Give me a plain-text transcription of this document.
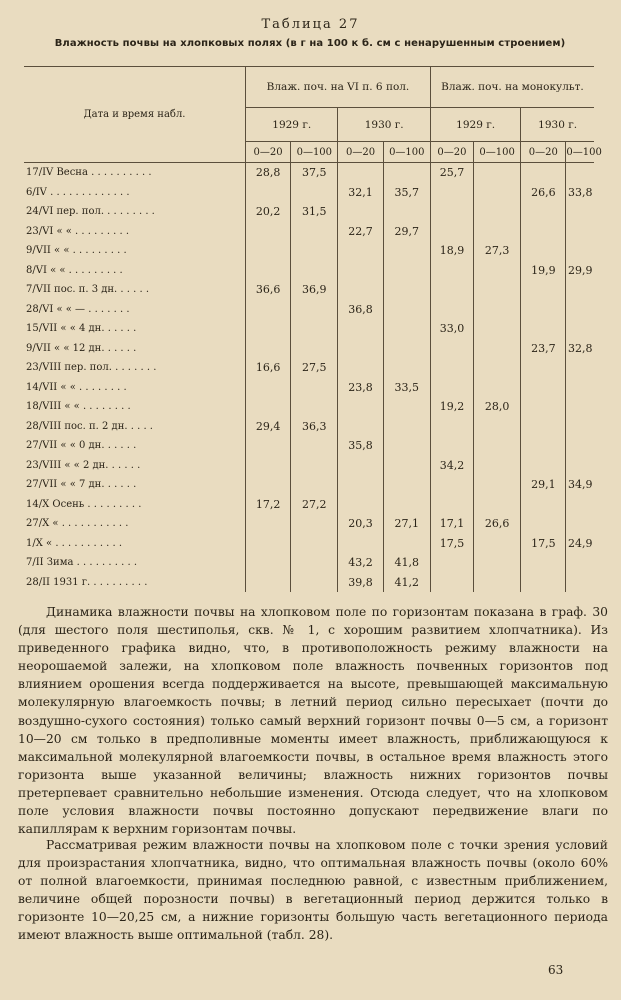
Таблица 27
Влажность почвы на хлопковых полях (в г на 100 к б. см с ненарушенным строением)
Дата и время набл.	Влаж. поч. на VI п. 6 пол.				Влаж. поч. на монокульт.			
	1929 г.		1930 г.		1929 г.		1930 г.	
	0—20	0—100	0—20	0—100	0—20	0—100	0—20	0—100
17/IV Весна . . . . . . . . . .	28,8	37,5			25,7			
6/IV . . . . . . . . . . . . .			32,1	35,7			26,6	33,8
24/VI пер. пол. . . . . . . . .	20,2	31,5						
23/VI « « . . . . . . . . .			22,7	29,7				
9/VII « « . . . . . . . . .					18,9	27,3		
8/VI « « . . . . . . . . .							19,9	29,9
7/VII пос. п. 3 дн. . . . . .	36,6	36,9						
28/VI « « — . . . . . . .			36,8					
15/VII « « 4 дн. . . . . .					33,0			
9/VII « « 12 дн. . . . . .							23,7	32,8
23/VIII пер. пол. . . . . . . .	16,6	27,5						
14/VII « « . . . . . . . .			23,8	33,5				
18/VIII « « . . . . . . . .					19,2	28,0		
28/VIII пос. п. 2 дн. . . . .	29,4	36,3						
27/VII « « 0 дн. . . . . .			35,8					
23/VIII « « 2 дн. . . . . .					34,2			
27/VII « « 7 дн. . . . . .							29,1	34,9
14/X Осень . . . . . . . . .	17,2	27,2						
27/X « . . . . . . . . . . .			20,3	27,1	17,1	26,6		
1/X « . . . . . . . . . . .					17,5		17,5	24,9
7/II Зима . . . . . . . . . .			43,2	41,8				
28/II 1931 г. . . . . . . . . .			39,8	41,2				

Динамика влажности почвы на хлопковом поле по горизонтам показана в граф. 30 (для шестого поля шестиполья, скв. № 1, с хорошим развитием хлопчатника). Из приведенного графика видно, что, в противоположность режиму влажности на неорошаемой залежи, на хлопковом поле влажность почвенных горизонтов под влиянием орошения всегда поддерживается на высоте, превышающей максимальную молекулярную влагоемкость почвы; в летний период сильно пересыхает (почти до воздушно-сухого состояния) только самый верхний горизонт почвы 0—5 см, а горизонт 10—20 см только в предполивные моменты имеет влажность, приближающуюся к максимальной молекулярной влагоемкости почвы, в остальное время влажность этого горизонта выше указанной величины; влажность нижних горизонтов почвы претерпевает сравнительно небольшие изменения. Отсюда следует, что на хлопковом поле условия влажности почвы постоянно допускают передвижение влаги по капиллярам к верхним горизонтам почвы.

Рассматривая режим влажности почвы на хлопковом поле с точки зрения условий для произрастания хлопчатника, видно, что оптимальная влажность почвы (около 60% от полной влагоемкости, принимая последнюю равной, с известным приближением, величине общей порозности почвы) в вегетационный период держится только в горизонте 10—20,25 см, а нижние горизонты большую часть вегетационного периода имеют влажность выше оптимальной (табл. 28).

63
